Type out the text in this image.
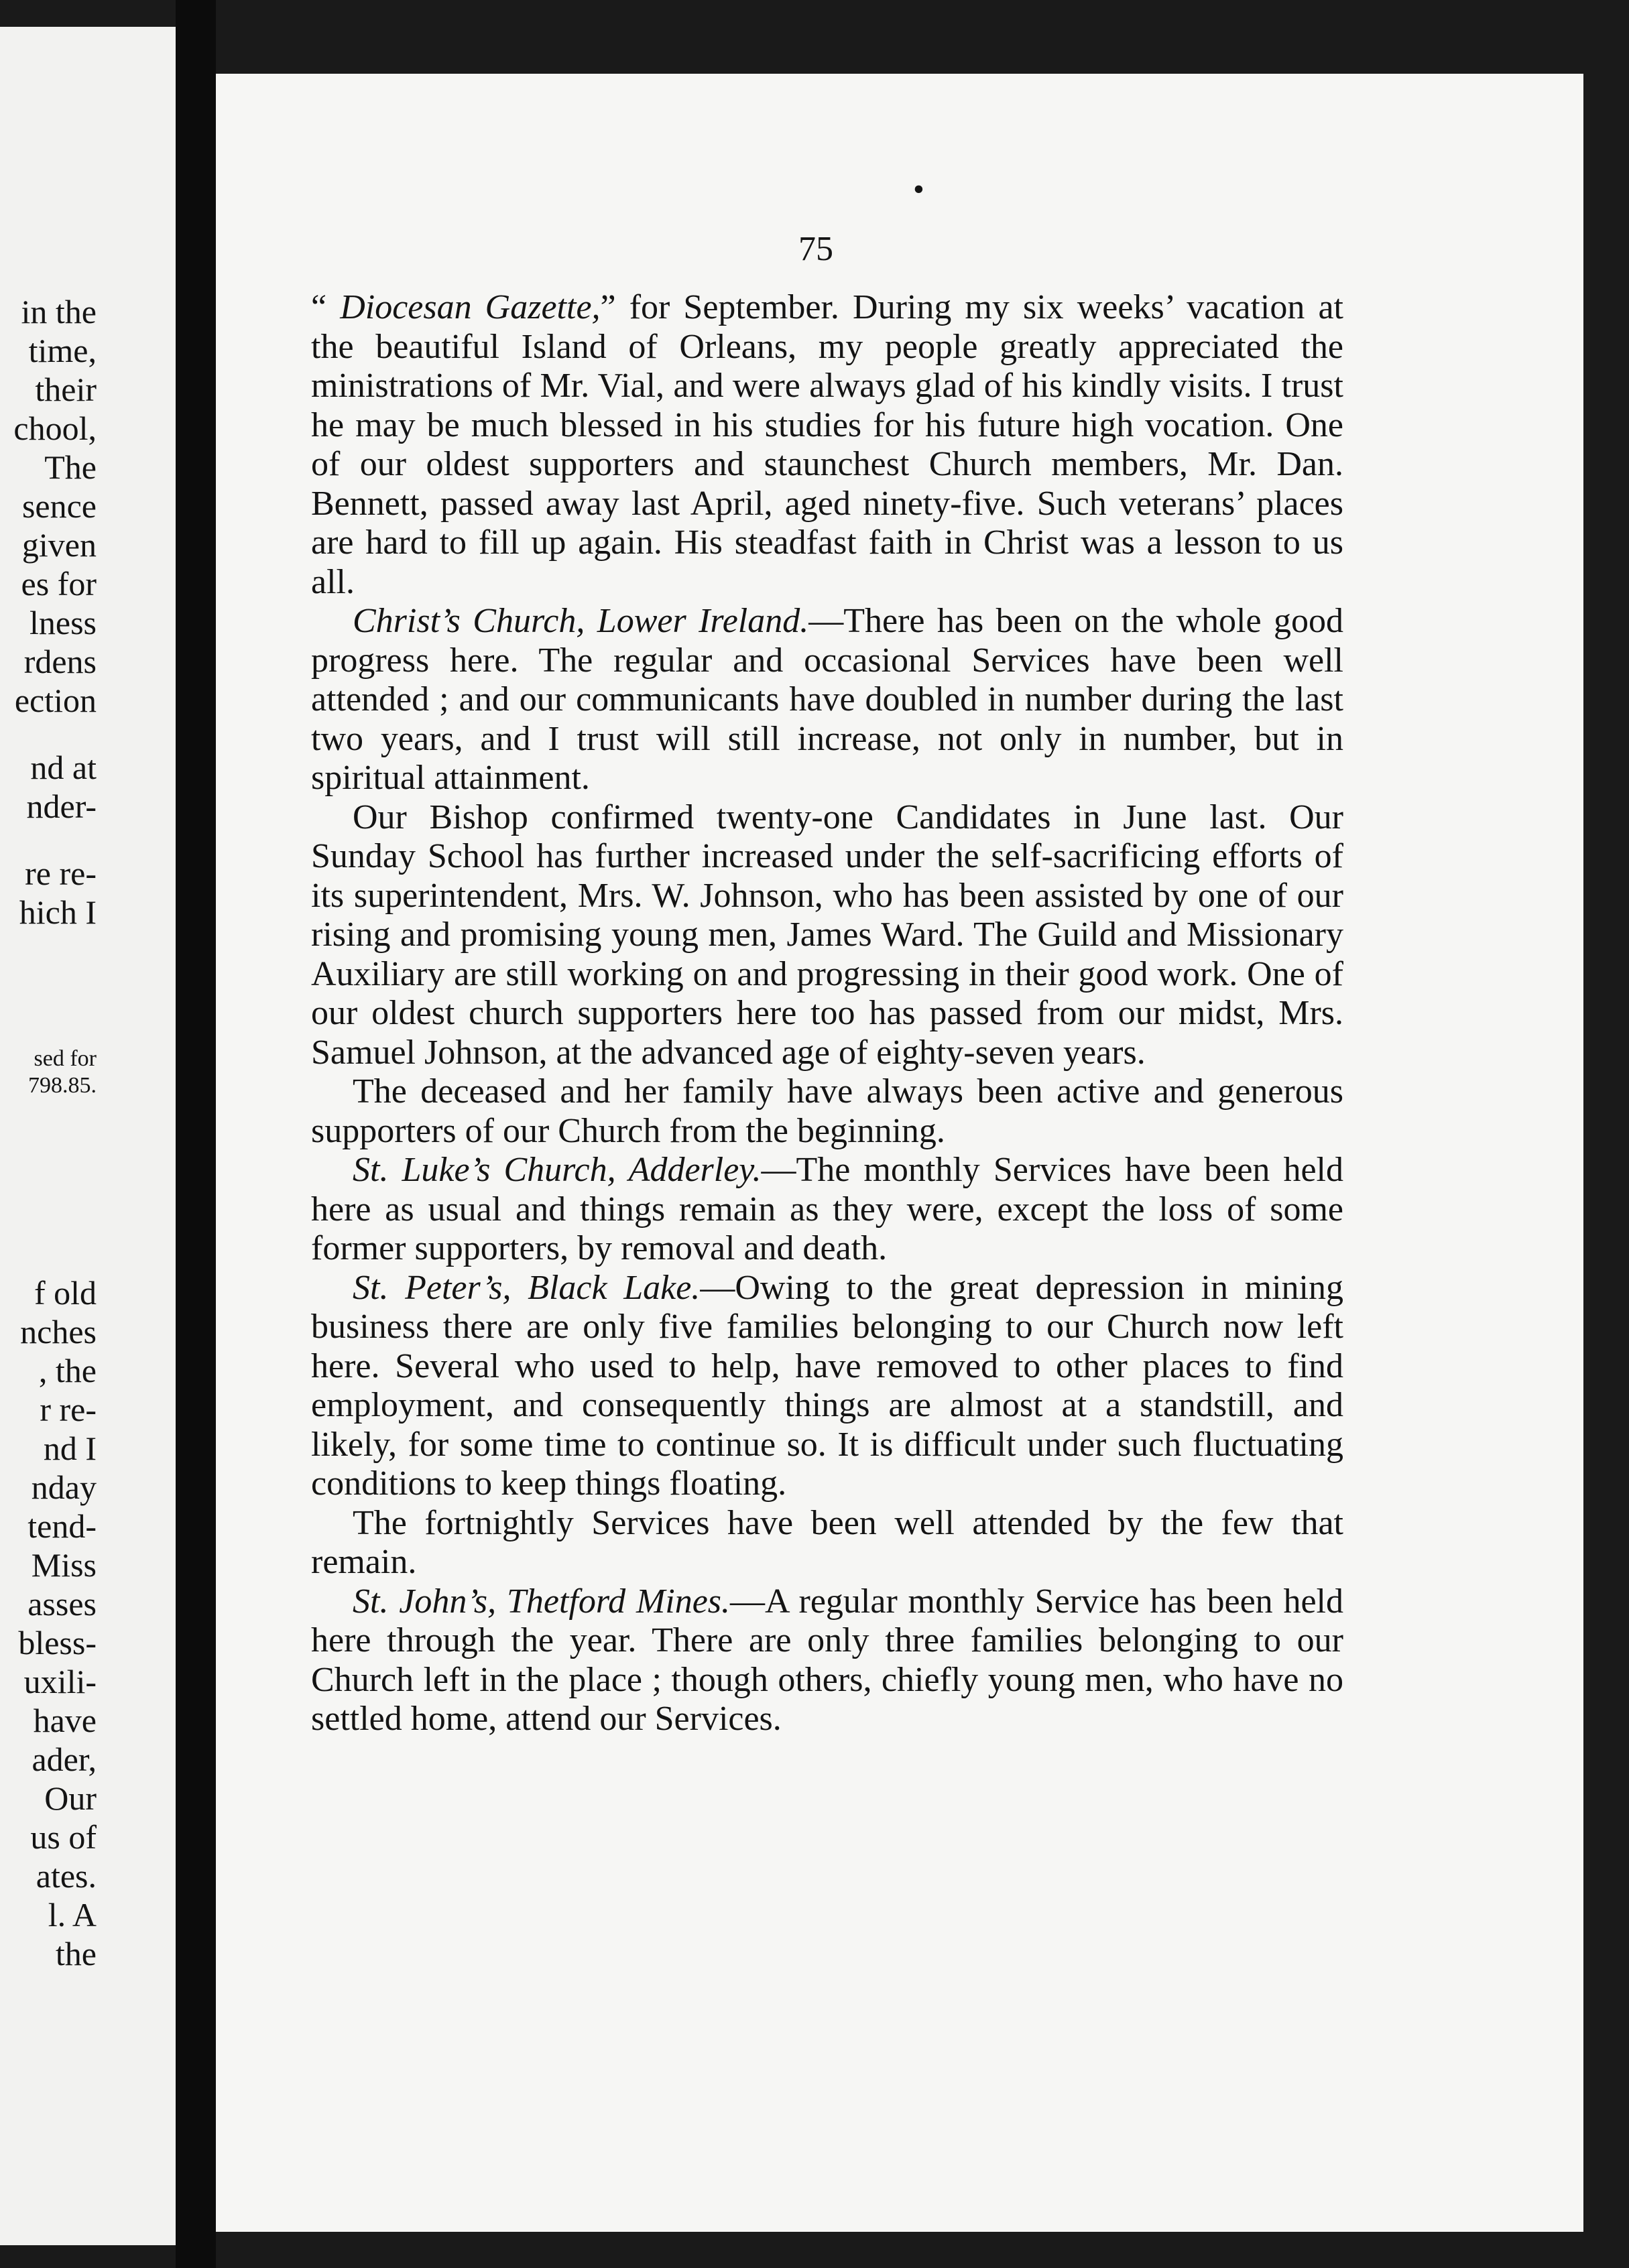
in the
time,
their
chool,
The
sence
given
es for
lness
rdens
ection
nd at
nder-
re re-
hich I
sed for
798.85.
f old
nches
, the
r re-
nd I
nday
tend-
Miss
asses
bless-
uxili-
have
ader,
Our
us of
ates.
l. A
the
•
75

“ Diocesan Gazette,” for September. During my six weeks’ vacation at the beautiful Island of Orleans, my people greatly appreciated the ministrations of Mr. Vial, and were always glad of his kindly visits. I trust he may be much blessed in his studies for his future high vocation. One of our oldest supporters and staunchest Church members, Mr. Dan. Bennett, passed away last April, aged ninety-five. Such veterans’ places are hard to fill up again. His steadfast faith in Christ was a lesson to us all.

Christ’s Church, Lower Ireland.—There has been on the whole good progress here. The regular and occasional Services have been well attended ; and our communicants have doubled in number during the last two years, and I trust will still increase, not only in number, but in spiritual attainment.

Our Bishop confirmed twenty-one Candidates in June last. Our Sunday School has further increased under the self-sacrificing efforts of its superintendent, Mrs. W. Johnson, who has been assisted by one of our rising and promising young men, James Ward. The Guild and Missionary Auxiliary are still working on and progressing in their good work. One of our oldest church supporters here too has passed from our midst, Mrs. Samuel Johnson, at the advanced age of eighty-seven years.

The deceased and her family have always been active and generous supporters of our Church from the beginning.

St. Luke’s Church, Adderley.—The monthly Services have been held here as usual and things remain as they were, except the loss of some former supporters, by removal and death.

St. Peter’s, Black Lake.—Owing to the great depression in mining business there are only five families belonging to our Church now left here. Several who used to help, have removed to other places to find employment, and consequently things are almost at a standstill, and likely, for some time to continue so. It is difficult under such fluctuating conditions to keep things floating.

The fortnightly Services have been well attended by the few that remain.

St. John’s, Thetford Mines.—A regular monthly Service has been held here through the year. There are only three families belonging to our Church left in the place ; though others, chiefly young men, who have no settled home, attend our Services.
